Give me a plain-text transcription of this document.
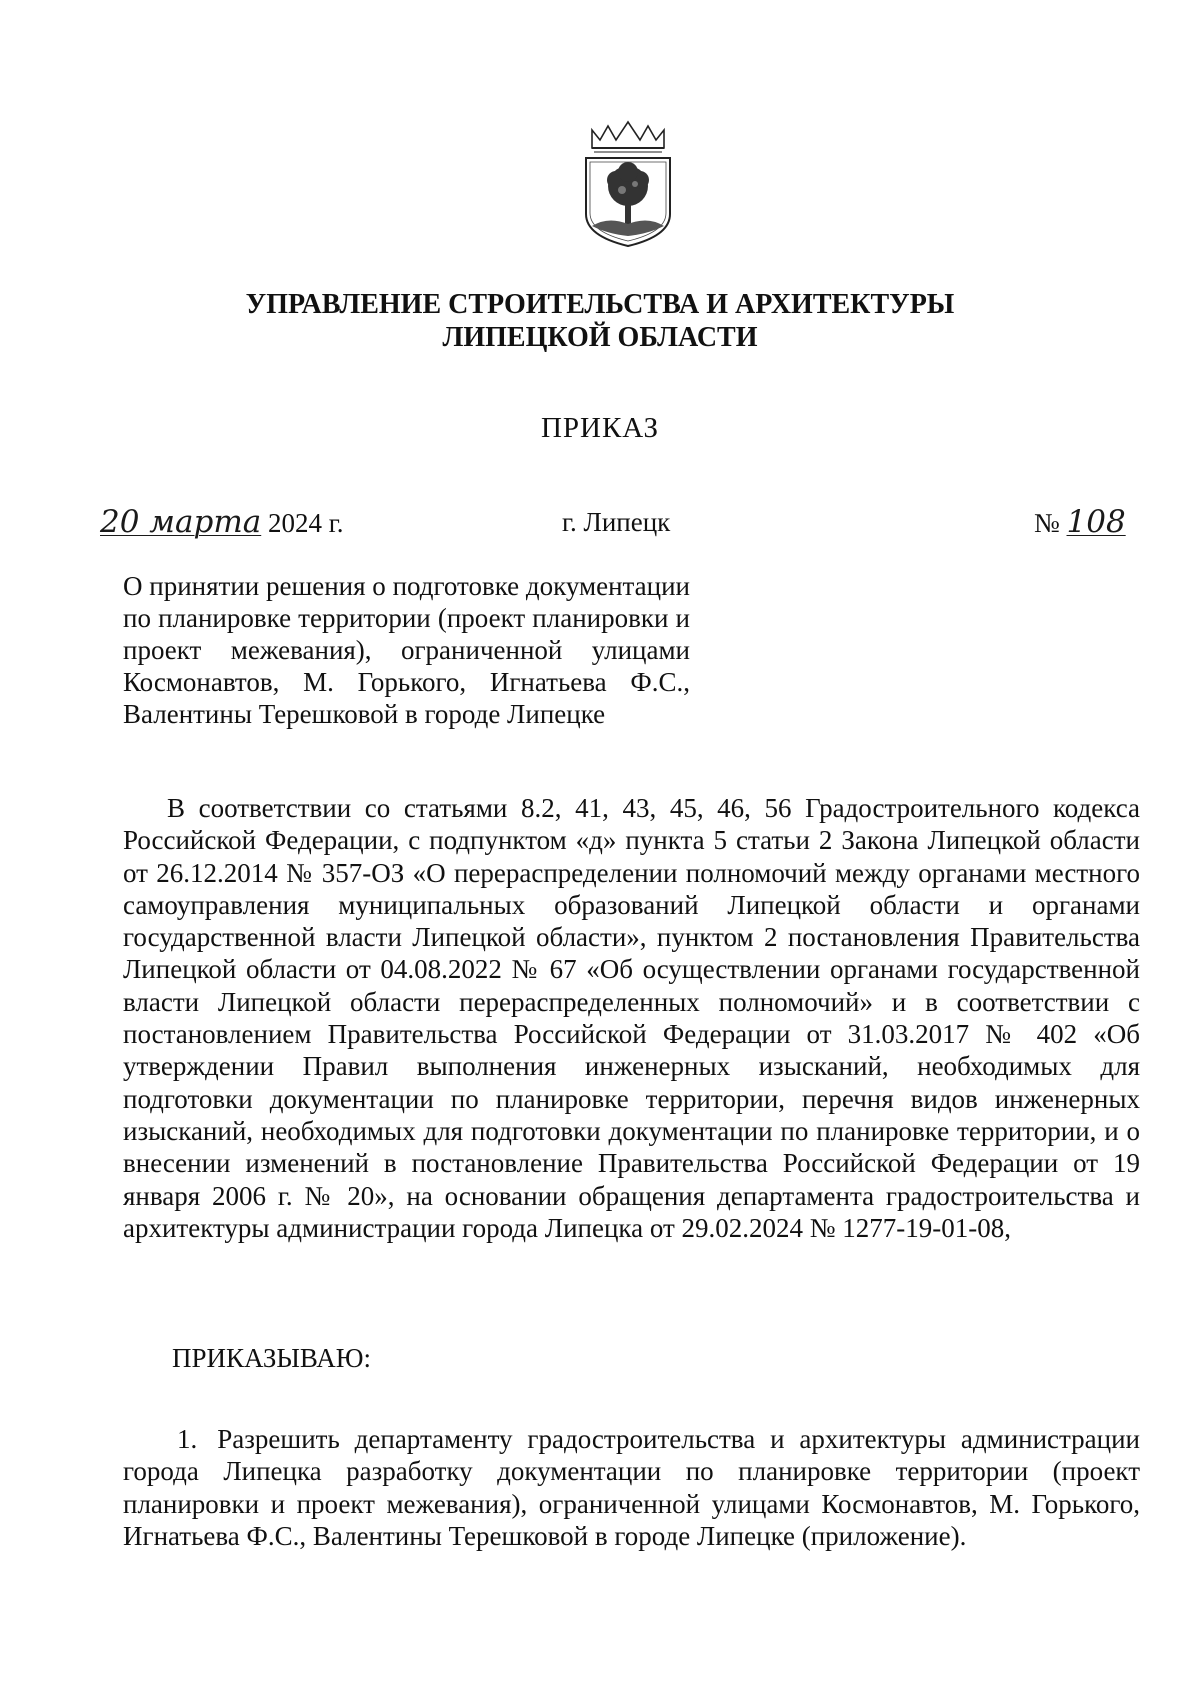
УПРАВЛЕНИЕ СТРОИТЕЛЬСТВА И АРХИТЕКТУРЫ
ЛИПЕЦКОЙ ОБЛАСТИ
ПРИКАЗ
20 марта 2024 г.	г. Липецк	№ 108
О принятии решения о подготовке документации по планировке территории (проект планировки и проект межевания), ограниченной улицами Космонавтов, М. Горького, Игнатьева Ф.С., Валентины Терешковой в городе Липецке

В соответствии со статьями 8.2, 41, 43, 45, 46, 56 Градостроительного кодекса Российской Федерации, с подпунктом «д» пункта 5 статьи 2 Закона Липецкой области от 26.12.2014 № 357-ОЗ «О перераспределении полномочий между органами местного самоуправления муниципальных образований Липецкой области и органами государственной власти Липецкой области», пунктом 2 постановления Правительства Липецкой области от 04.08.2022 № 67 «Об осуществлении органами государственной власти Липецкой области перераспределенных полномочий» и в соответствии с постановлением Правительства Российской Федерации от 31.03.2017 № 402 «Об утверждении Правил выполнения инженерных изысканий, необходимых для подготовки документации по планировке территории, перечня видов инженерных изысканий, необходимых для подготовки документации по планировке территории, и о внесении изменений в постановление Правительства Российской Федерации от 19 января 2006 г. № 20», на основании обращения департамента градостроительства и архитектуры администрации города Липецка от 29.02.2024 № 1277-19-01-08,

ПРИКАЗЫВАЮ:

1. Разрешить департаменту градостроительства и архитектуры администрации города Липецка разработку документации по планировке территории (проект планировки и проект межевания), ограниченной улицами Космонавтов, М. Горького, Игнатьева Ф.С., Валентины Терешковой в городе Липецке (приложение).
